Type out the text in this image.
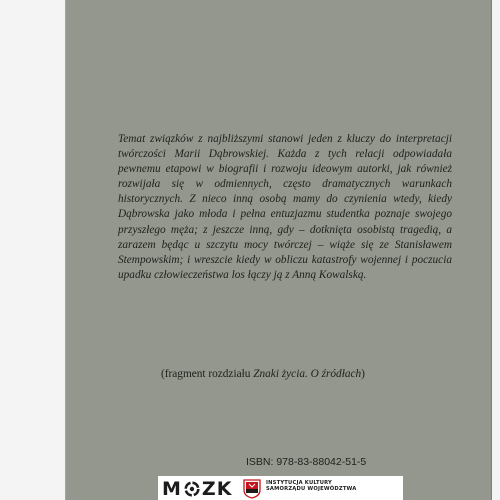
Temat związków z najbliższymi stanowi jeden z kluczy do interpretacji twórczości Marii Dąbrowskiej. Każda z tych relacji odpowiadała pewnemu etapowi w biografii i rozwoju ideowym autorki, jak również rozwijała się w odmiennych, często dramatycznych warunkach historycznych. Z nieco inną osobą mamy do czynienia wtedy, kiedy Dąbrowska jako młoda i pełna entuzjazmu studentka poznaje swojego przyszłego męża; z jeszcze inną, gdy – dotknięta osobistą tragedią, a zarazem będąc u szczytu mocy twórczej – wiąże się ze Stanisławem Stempowskim; i wreszcie kiedy w obliczu katastrofy wojennej i poczucia upadku człowieczeństwa los łączy ją z Anną Kowalską.

(fragment rozdziału Znaki życia. O źródłach)
ISBN: 978-83-88042-51-5
M ZK	INSTYTUCJA KULTURY
SAMORZĄDU WOJEWÓDZTWA
